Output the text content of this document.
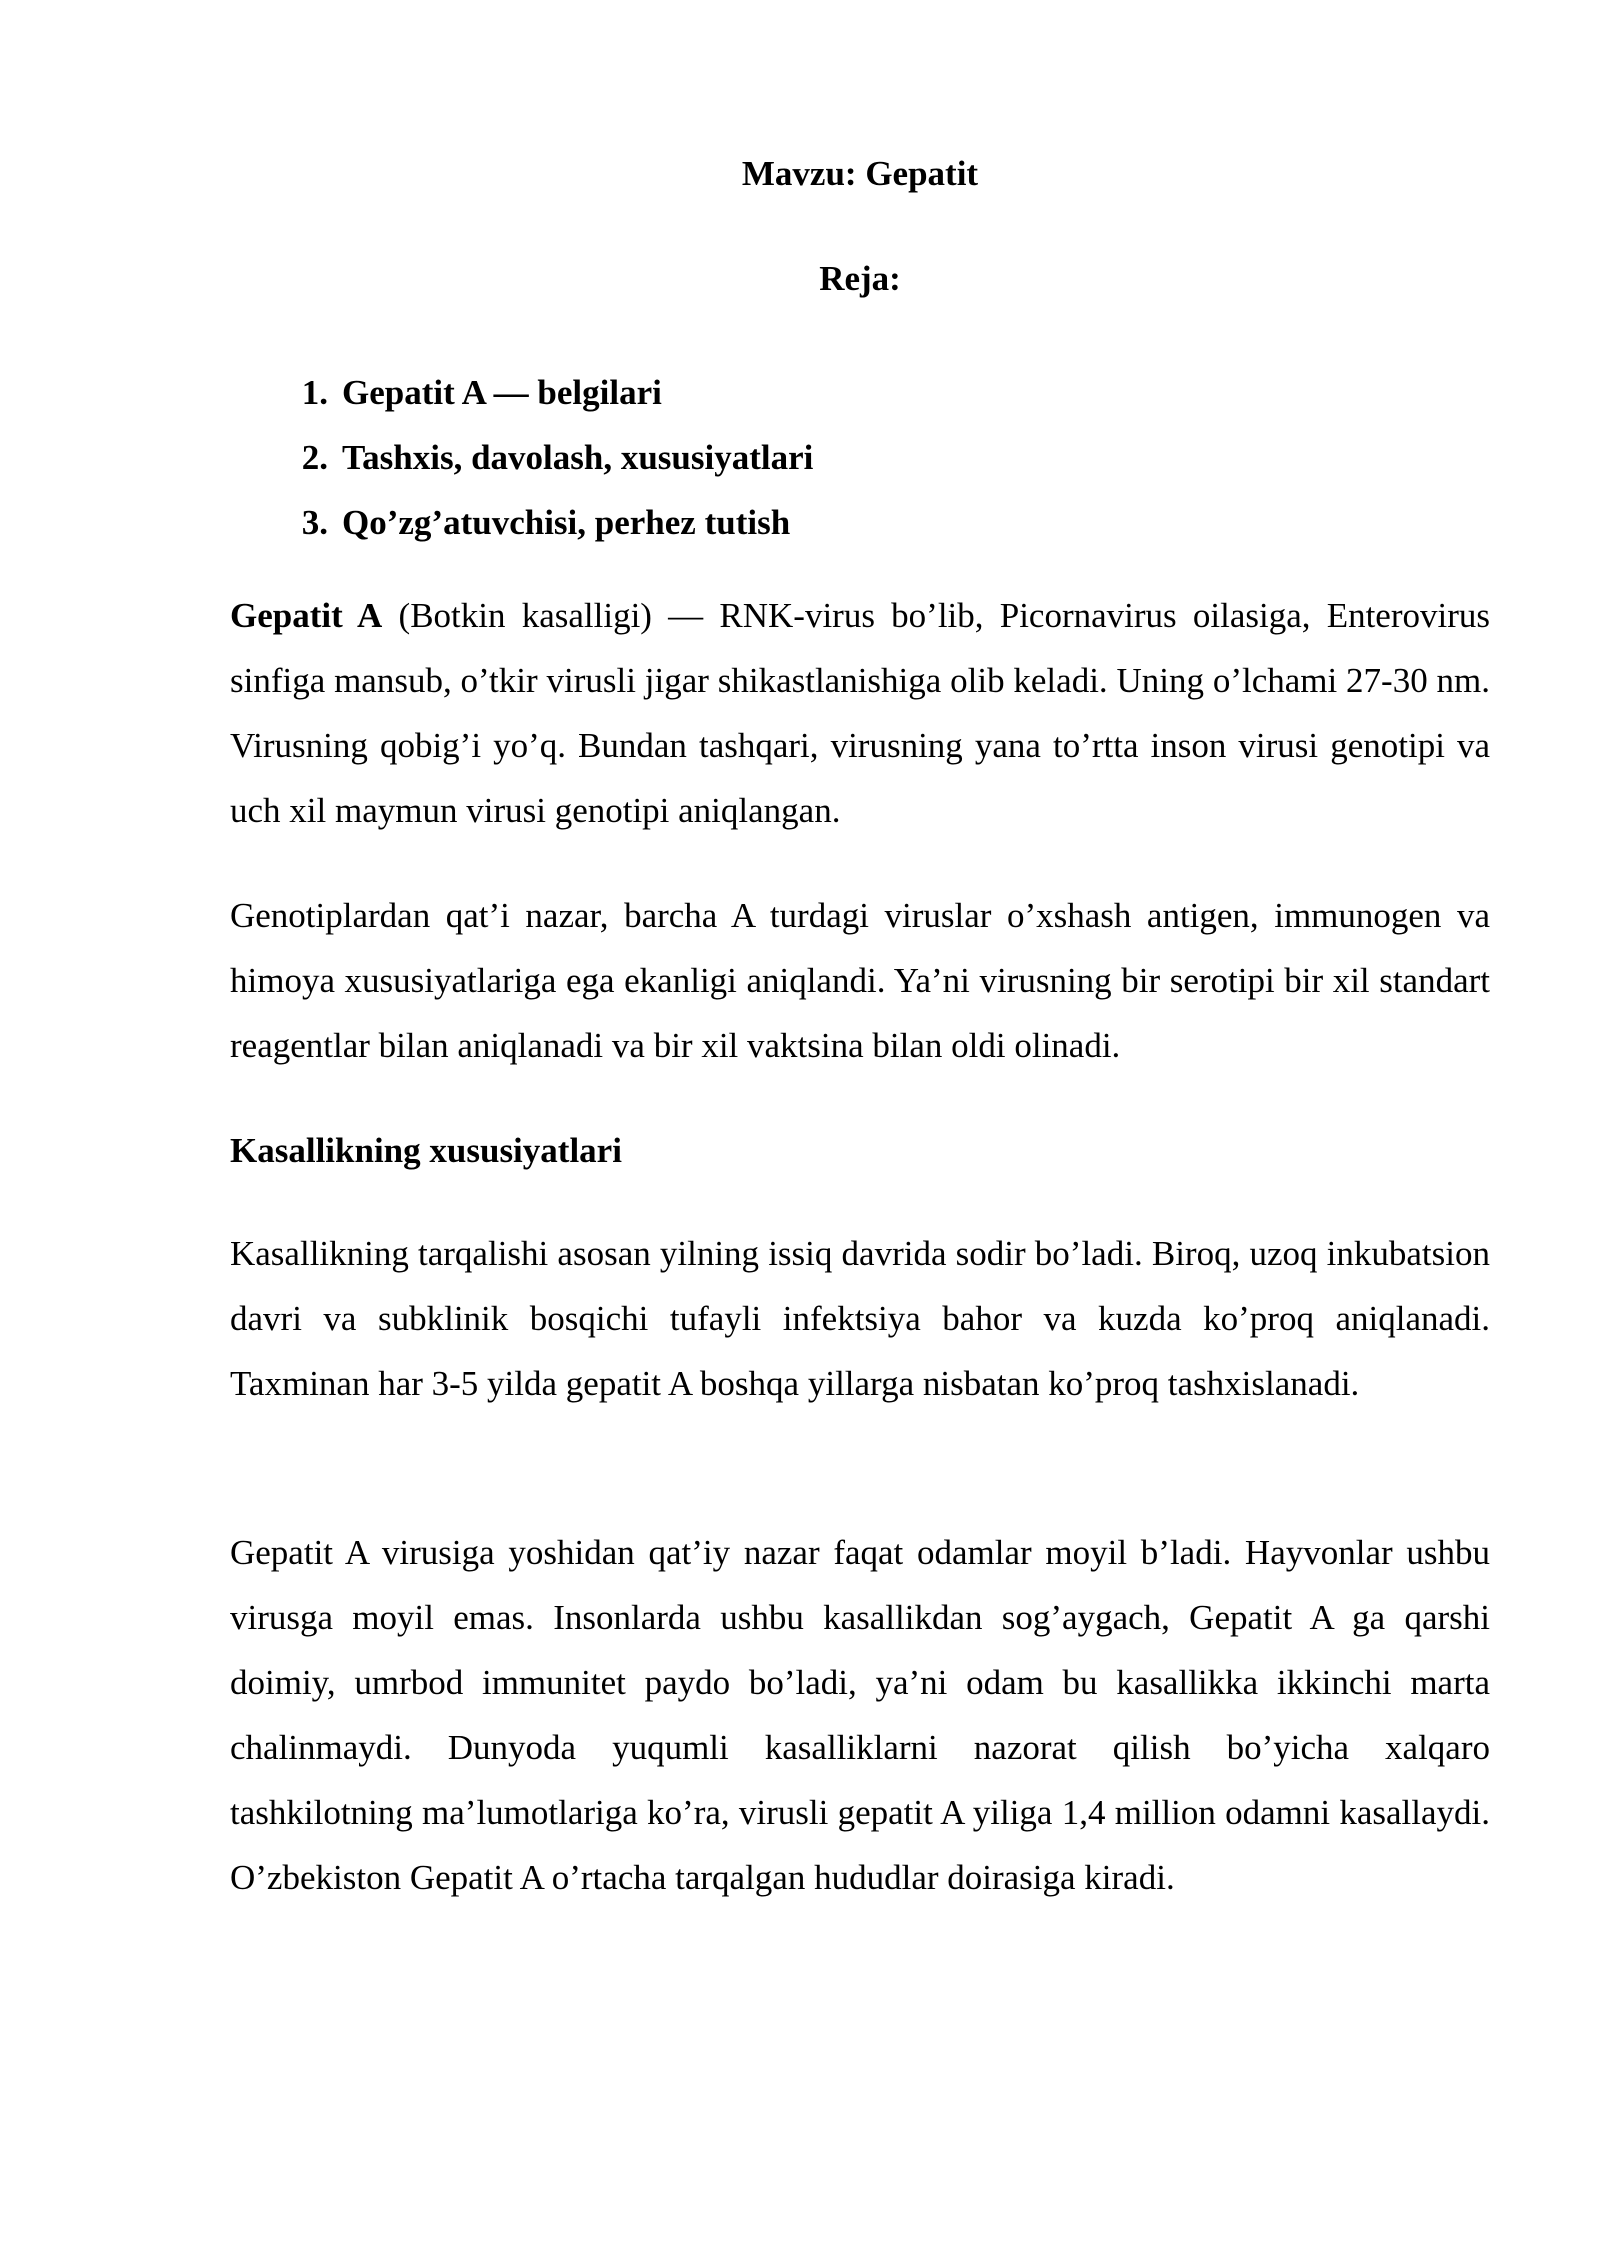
Mavzu: Gepatit
Reja:
1. Gepatit A — belgilari
2. Tashxis, davolash, xususiyatlari
3. Qo’zg’atuvchisi, perhez tutish

Gepatit A (Botkin kasalligi) — RNK-virus bo’lib, Picornavirus oilasiga, Enterovirus sinfiga mansub, o’tkir virusli jigar shikastlanishiga olib keladi. Uning o’lchami 27-30 nm. Virusning qobig’i yo’q. Bundan tashqari, virusning yana to’rtta inson virusi genotipi va uch xil maymun virusi genotipi aniqlangan.

Genotiplardan qat’i nazar, barcha A turdagi viruslar o’xshash antigen, immunogen va himoya xususiyatlariga ega ekanligi aniqlandi. Ya’ni virusning bir serotipi bir xil standart reagentlar bilan aniqlanadi va bir xil vaktsina bilan oldi olinadi.

Kasallikning xususiyatlari

Kasallikning tarqalishi asosan yilning issiq davrida sodir bo’ladi. Biroq, uzoq inkubatsion davri va subklinik bosqichi tufayli infektsiya bahor va kuzda ko’proq aniqlanadi. Taxminan har 3-5 yilda gepatit A boshqa yillarga nisbatan ko’proq tashxislanadi.

Gepatit A virusiga yoshidan qat’iy nazar faqat odamlar moyil b’ladi. Hayvonlar ushbu virusga moyil emas. Insonlarda ushbu kasallikdan sog’aygach, Gepatit A ga qarshi doimiy, umrbod immunitet paydo bo’ladi, ya’ni odam bu kasallikka ikkinchi marta chalinmaydi. Dunyoda yuqumli kasalliklarni nazorat qilish bo’yicha xalqaro tashkilotning ma’lumotlariga ko’ra, virusli gepatit A yiliga 1,4 million odamni kasallaydi. O’zbekiston Gepatit A o’rtacha tarqalgan hududlar doirasiga kiradi.
